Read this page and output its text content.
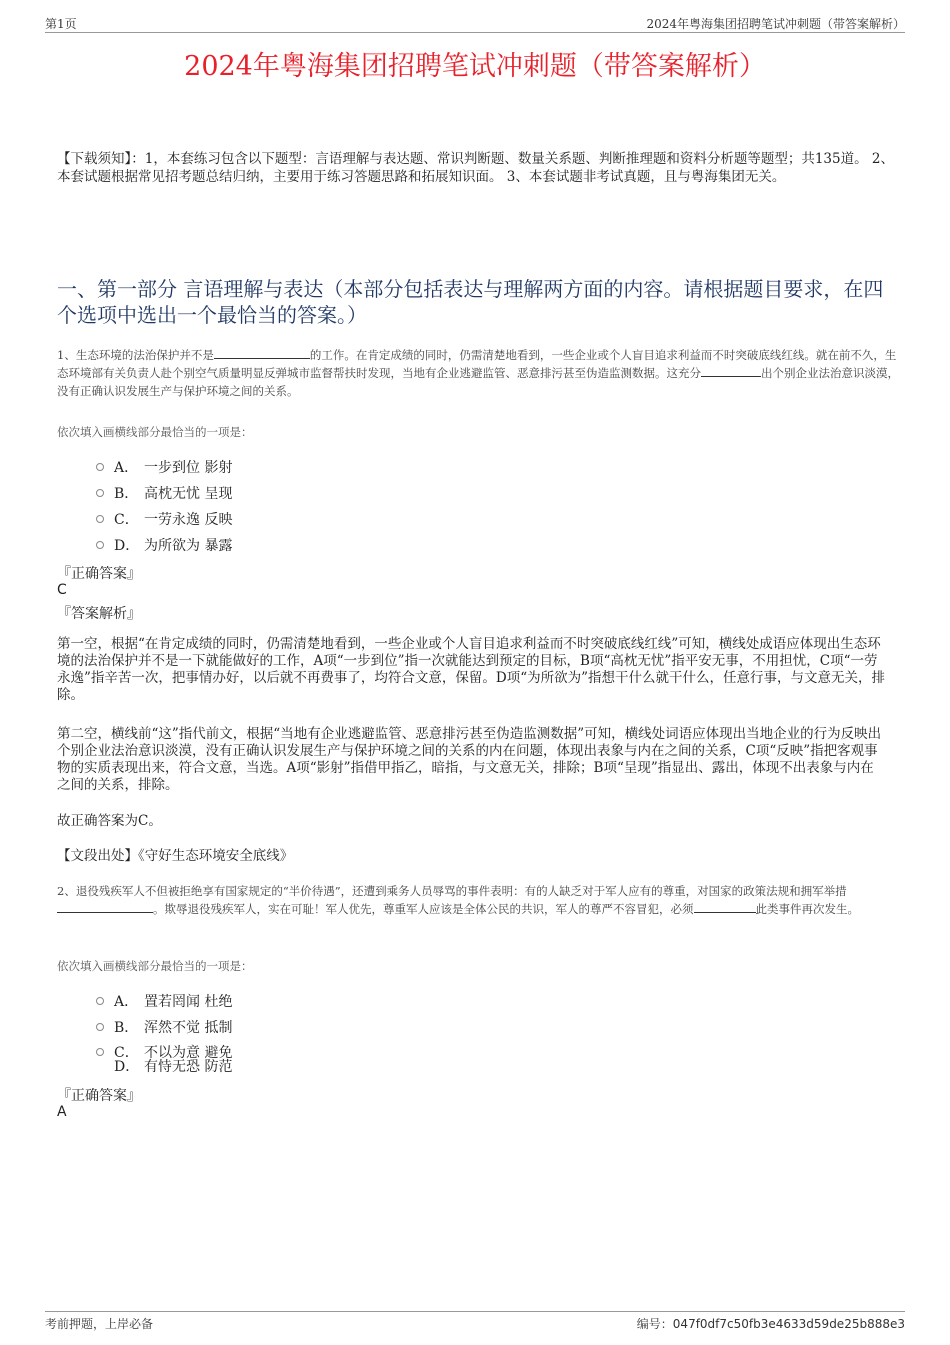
第1页	2024年粤海集团招聘笔试冲刺题（带答案解析）
2024年粤海集团招聘笔试冲刺题（带答案解析）
【下载须知】：1，本套练习包含以下题型：言语理解与表达题、常识判断题、数量关系题、判断推理题和资料分析题等题型；共135道。 2、本套试题根据常见招考题总结归纳，主要用于练习答题思路和拓展知识面。 3、本套试题非考试真题，且与粤海集团无关。
一、第一部分 言语理解与表达（本部分包括表达与理解两方面的内容。请根据题目要求，在四个选项中选出一个最恰当的答案。）
1、生态环境的法治保护并不是	的工作。在肯定成绩的同时，仍需清楚地看到，一些企业或个人盲目追求利益而不时突破底线红线。就在前不久，生态环境部有关负责人赴个别空气质量明显反弹城市监督帮扶时发现，当地有企业逃避监管、恶意排污甚至伪造监测数据。这充分	出个别企业法治意识淡漠，没有正确认识发展生产与保护环境之间的关系。
依次填入画横线部分最恰当的一项是：
A． 一步到位 影射
B． 高枕无忧 呈现
C． 一劳永逸 反映
D． 为所欲为 暴露
『正确答案』
C
『答案解析』
第一空，根据“在肯定成绩的同时，仍需清楚地看到，一些企业或个人盲目追求利益而不时突破底线红线”可知，横线处成语应体现出生态环境的法治保护并不是一下就能做好的工作，A项“一步到位”指一次就能达到预定的目标，B项“高枕无忧”指平安无事，不用担忧，C项“一劳永逸”指辛苦一次，把事情办好，以后就不再费事了，均符合文意，保留。D项“为所欲为”指想干什么就干什么，任意行事，与文意无关，排除。
第二空，横线前“这”指代前文，根据“当地有企业逃避监管、恶意排污甚至伪造监测数据”可知，横线处词语应体现出当地企业的行为反映出个别企业法治意识淡漠，没有正确认识发展生产与保护环境之间的关系的内在问题，体现出表象与内在之间的关系，C项“反映”指把客观事物的实质表现出来，符合文意，当选。A项“影射”指借甲指乙，暗指，与文意无关，排除；B项“呈现”指显出、露出，体现不出表象与内在之间的关系，排除。
故正确答案为C。
【文段出处】《守好生态环境安全底线》
2、退役残疾军人不但被拒绝享有国家规定的“半价待遇”，还遭到乘务人员辱骂的事件表明：有的人缺乏对于军人应有的尊重，对国家的政策法规和拥军举措。欺辱退役残疾军人，实在可耻！军人优先，尊重军人应该是全体公民的共识，军人的尊严不容冒犯，必须	此类事件再次发生。
依次填入画横线部分最恰当的一项是：
A． 置若罔闻 杜绝
B． 浑然不觉 抵制
C． 不以为意 避免
D． 有恃无恐 防范
『正确答案』
A
考前押题，上岸必备	编号：047f0df7c50fb3e4633d59de25b888e3
